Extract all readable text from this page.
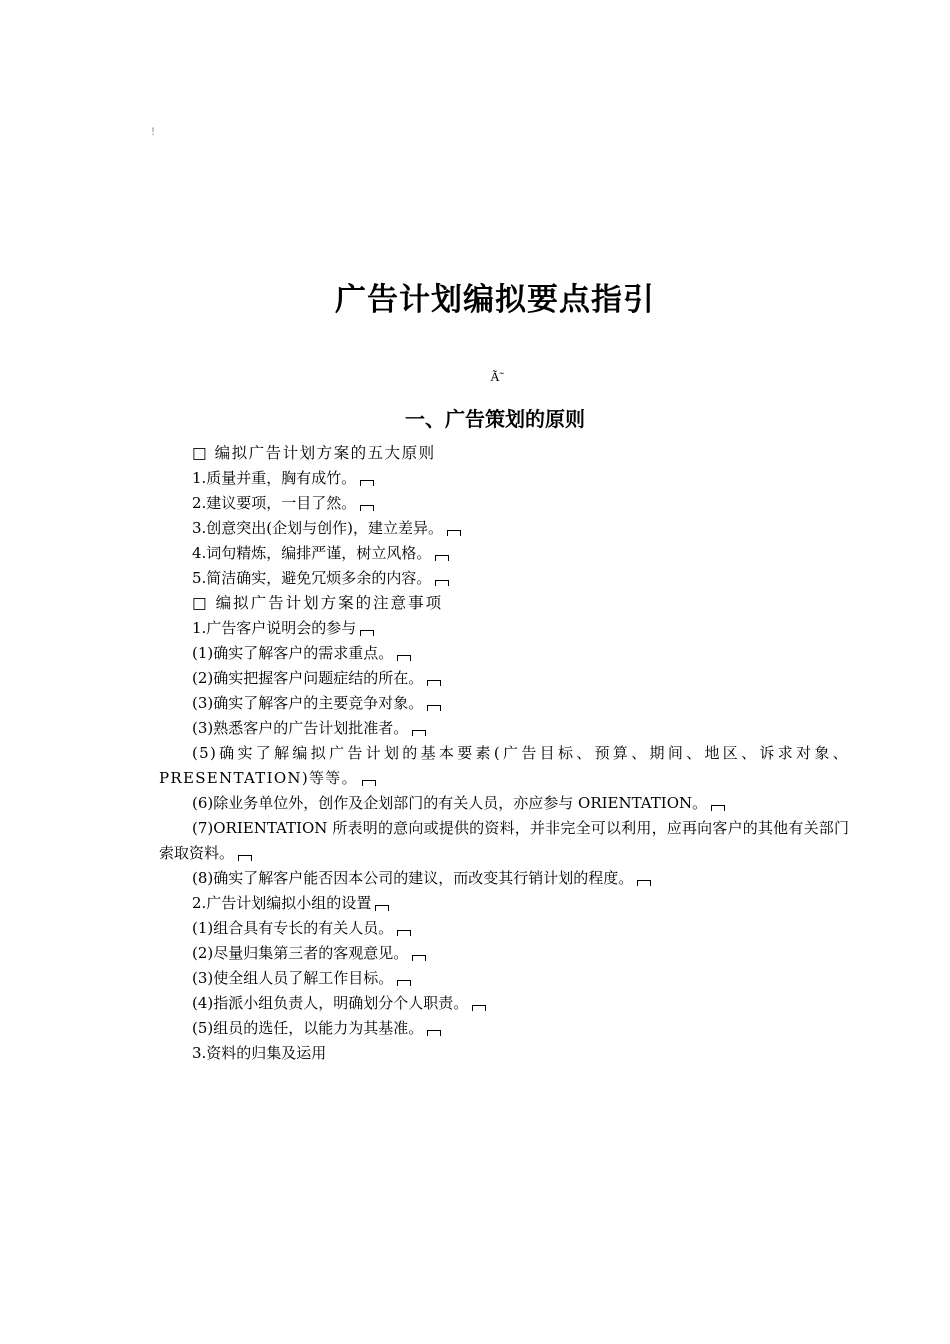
!
广告计划编拟要点指引
Ã̃
一、广告策划的原则

□ 编拟广告计划方案的五大原则

1.质量并重，胸有成竹。

2.建议要项，一目了然。

3.创意突出(企划与创作)，建立差异。

4.词句精炼，编排严谨，树立风格。

5.简洁确实，避免冗烦多余的内容。

□ 编拟广告计划方案的注意事项

1.广告客户说明会的参与

(1)确实了解客户的需求重点。

(2)确实把握客户问题症结的所在。

(3)确实了解客户的主要竞争对象。

(3)熟悉客户的广告计划批准者。

(5)确实了解编拟广告计划的基本要素(广告目标、预算、期间、地区、诉求对象、PRESENTATION)等等。

(6)除业务单位外，创作及企划部门的有关人员，亦应参与 ORIENTATION。

(7)ORIENTATION 所表明的意向或提供的资料，并非完全可以利用，应再向客户的其他有关部门索取资料。

(8)确实了解客户能否因本公司的建议，而改变其行销计划的程度。

2.广告计划编拟小组的设置

(1)组合具有专长的有关人员。

(2)尽量归集第三者的客观意见。

(3)使全组人员了解工作目标。

(4)指派小组负责人，明确划分个人职责。

(5)组员的选任，以能力为其基准。

3.资料的归集及运用
